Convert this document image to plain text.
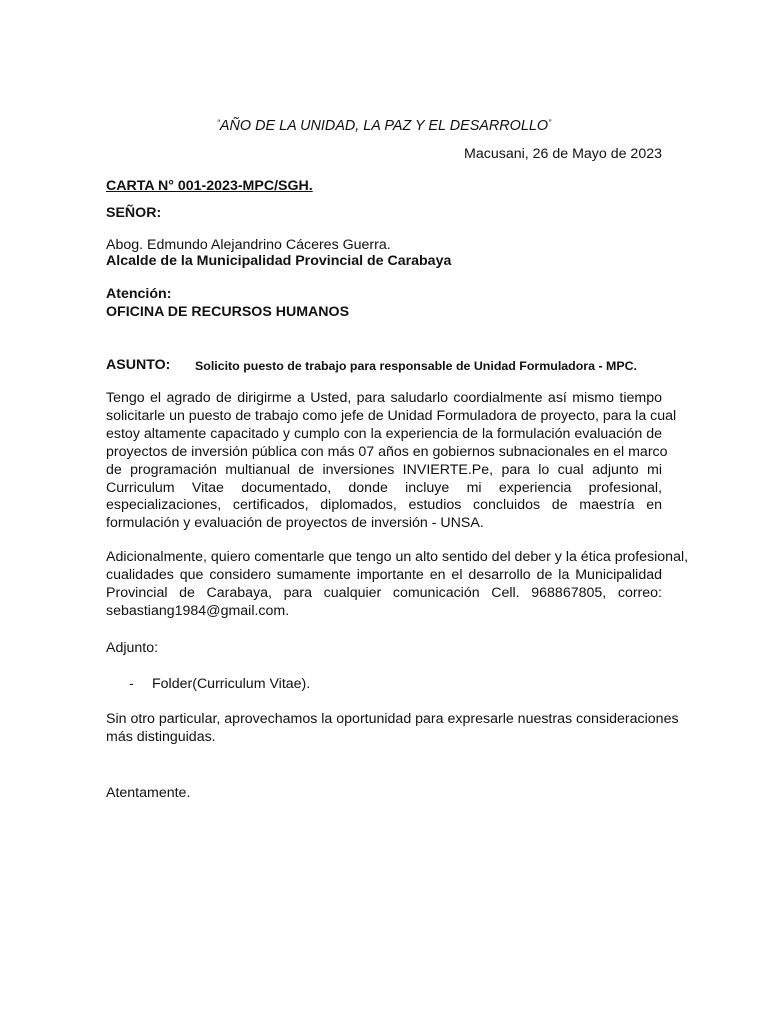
“AÑO DE LA UNIDAD, LA PAZ Y EL DESARROLLO”
Macusani, 26 de Mayo de 2023
CARTA N° 001-2023-MPC/SGH.
SEÑOR:
Abog. Edmundo Alejandrino Cáceres Guerra.
Alcalde de la Municipalidad Provincial de Carabaya
Atención:
OFICINA DE RECURSOS HUMANOS
ASUNTO: Solicito puesto de trabajo para responsable de Unidad Formuladora - MPC.
Tengo el agrado de dirigirme a Usted, para saludarlo coordialmente así mismo tiempo
solicitarle un puesto de trabajo como jefe de Unidad Formuladora de proyecto, para la cual
estoy altamente capacitado y cumplo con la experiencia de la formulación evaluación de
proyectos de inversión pública con más 07 años en gobiernos subnacionales en el marco
de programación multianual de inversiones INVIERTE.Pe, para lo cual adjunto mi
Curriculum Vitae documentado, donde incluye mi experiencia profesional,
especializaciones, certificados, diplomados, estudios concluidos de maestría en
formulación y evaluación de proyectos de inversión - UNSA.
Adicionalmente, quiero comentarle que tengo un alto sentido del deber y la ética profesional,
cualidades que considero sumamente importante en el desarrollo de la Municipalidad
Provincial de Carabaya, para cualquier comunicación Cell. 968867805, correo:
sebastiang1984@gmail.com.
Adjunto:
- Folder(Curriculum Vitae).
Sin otro particular, aprovechamos la oportunidad para expresarle nuestras consideraciones
más distinguidas.
Atentamente.
